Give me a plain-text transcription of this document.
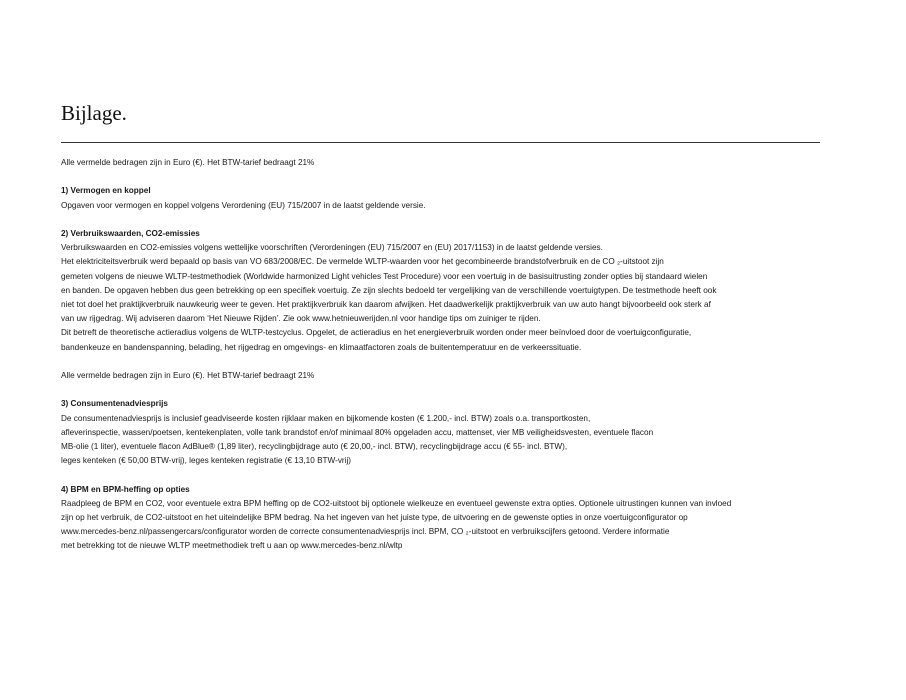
Bijlage.

Alle vermelde bedragen zijn in Euro (€). Het BTW-tarief bedraagt 21%

1) Vermogen en koppel

Opgaven voor vermogen en koppel volgens Verordening (EU) 715/2007 in de laatst geldende versie.

2) Verbruikswaarden, CO2-emissies

Verbruikswaarden en CO2-emissies volgens wettelijke voorschriften (Verordeningen (EU) 715/2007 en (EU) 2017/1153) in de laatst geldende versies.

Het elektriciteitsverbruik werd bepaald op basis van VO 683/2008/EC. De vermelde WLTP-waarden voor het gecombineerde brandstofverbruik en de CO ₂-uitstoot zijn

gemeten volgens de nieuwe WLTP-testmethodiek (Worldwide harmonized Light vehicles Test Procedure) voor een voertuig in de basisuitrusting zonder opties bij standaard wielen

en banden. De opgaven hebben dus geen betrekking op een specifiek voertuig. Ze zijn slechts bedoeld ter vergelijking van de verschillende voertuigtypen. De testmethode heeft ook

niet tot doel het praktijkverbruik nauwkeurig weer te geven. Het praktijkverbruik kan daarom afwijken. Het daadwerkelijk praktijkverbruik van uw auto hangt bijvoorbeeld ook sterk af

van uw rijgedrag. Wij adviseren daarom ‘Het Nieuwe Rijden’. Zie ook www.hetnieuwerijden.nl voor handige tips om zuiniger te rijden.

Dit betreft de theoretische actieradius volgens de WLTP-testcyclus. Opgelet, de actieradius en het energieverbruik worden onder meer beïnvloed door de voertuigconfiguratie,

bandenkeuze en bandenspanning, belading, het rijgedrag en omgevings- en klimaatfactoren zoals de buitentemperatuur en de verkeerssituatie.

Alle vermelde bedragen zijn in Euro (€). Het BTW-tarief bedraagt 21%

3) Consumentenadviesprijs

De consumentenadviesprijs is inclusief geadviseerde kosten rijklaar maken en bijkomende kosten (€ 1.200,- incl. BTW) zoals o.a. transportkosten,

afleverinspectie, wassen/poetsen, kentekenplaten, volle tank brandstof en/of minimaal 80% opgeladen accu, mattenset, vier MB veiligheidsvesten, eventuele flacon

MB-olie (1 liter), eventuele flacon AdBlue® (1,89 liter), recyclingbijdrage auto (€ 20,00,- incl. BTW), recyclingbijdrage accu (€ 55- incl. BTW),

leges kenteken (€ 50,00 BTW-vrij), leges kenteken registratie (€ 13,10 BTW-vrij)

4) BPM en BPM-heffing op opties

Raadpleeg de BPM en CO2, voor eventuele extra BPM heffing op de CO2-uitstoot bij optionele wielkeuze en eventueel gewenste extra opties. Optionele uitrustingen kunnen van invloed

zijn op het verbruik, de CO2-uitstoot en het uiteindelijke BPM bedrag. Na het ingeven van het juiste type, de uitvoering en de gewenste opties in onze voertuigconfigurator op

www.mercedes-benz.nl/passengercars/configurator worden de correcte consumentenadviesprijs incl. BPM, CO ₂-uitstoot en verbruikscijfers getoond. Verdere informatie

met betrekking tot de nieuwe WLTP meetmethodiek treft u aan op www.mercedes-benz.nl/wltp
